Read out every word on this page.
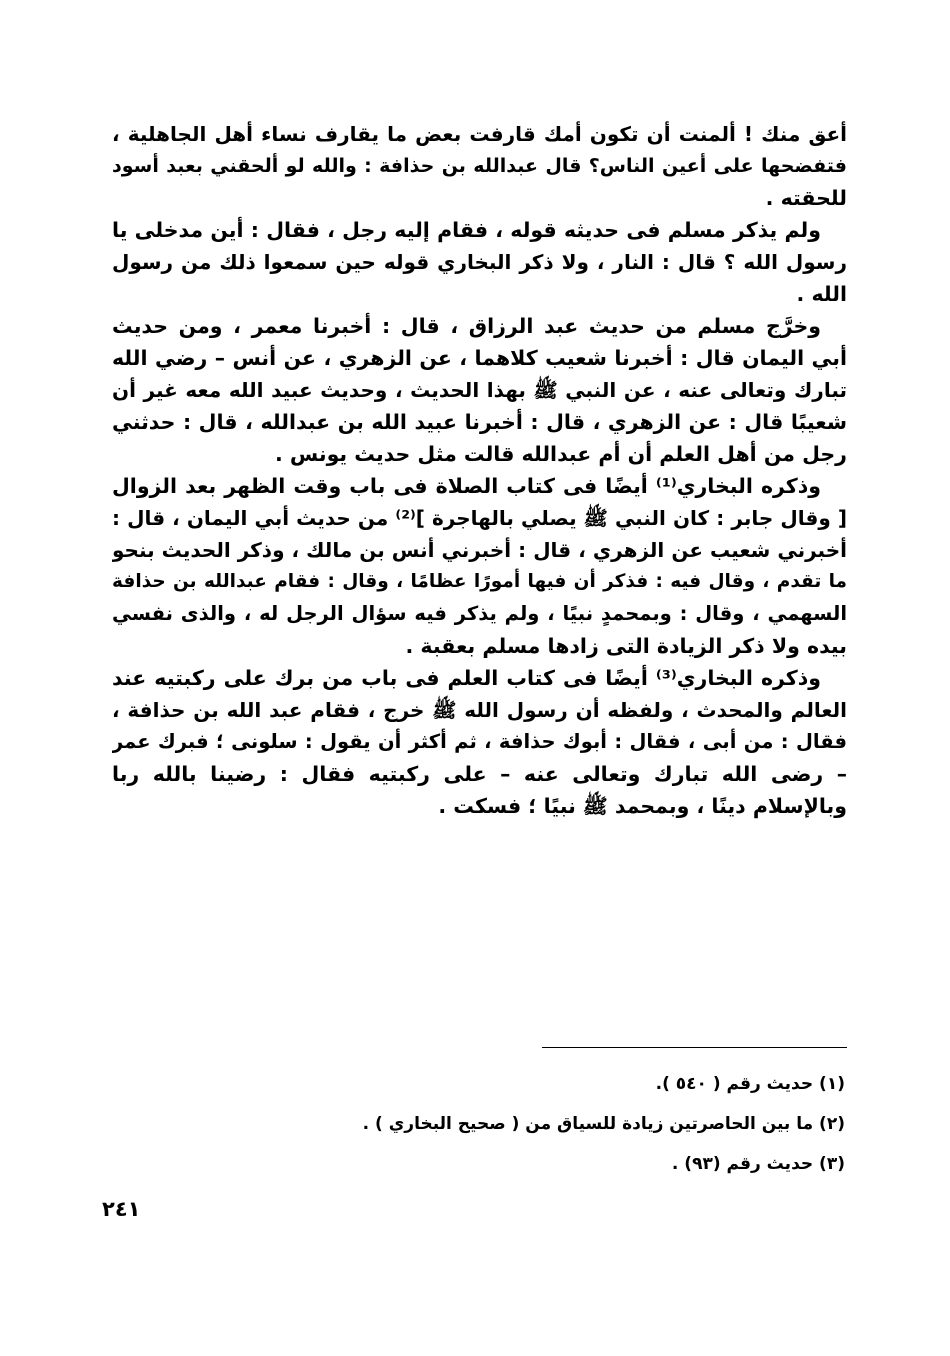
أعق منك ! ألمنت أن تكون أمك قارفت بعض ما يقارف نساء أهل الجاهلية ،
فتفضحها على أعين الناس؟ قال عبدالله بن حذافة : والله لو ألحقني بعبد أسود
للحقته .
ولم يذكر مسلم فى حديثه قوله ، فقام إليه رجل ، فقال : أين مدخلى يا
رسول الله ؟ قال : النار ، ولا ذكر البخاري قوله حين سمعوا ذلك من رسول
الله .
وخرَّج مسلم من حديث عبد الرزاق ، قال : أخبرنا معمر ، ومن حديث
أبي اليمان قال : أخبرنا شعيب كلاهما ، عن الزهري ، عن أنس – رضي الله
تبارك وتعالى عنه ، عن النبي ﷺ بهذا الحديث ، وحديث عبيد الله معه غير أن
شعيبًا قال : عن الزهري ، قال : أخبرنا عبيد الله بن عبدالله ، قال : حدثني
رجل من أهل العلم أن أم عبدالله قالت مثل حديث يونس .
وذكره البخاري⁽¹⁾ أيضًا فى كتاب الصلاة فى باب وقت الظهر بعد الزوال
[ وقال جابر : كان النبي ﷺ يصلي بالهاجرة ]⁽²⁾ من حديث أبي اليمان ، قال :
أخبرني شعيب عن الزهري ، قال : أخبرني أنس بن مالك ، وذكر الحديث بنحو
ما تقدم ، وقال فيه : فذكر أن فيها أمورًا عظامًا ، وقال : فقام عبدالله بن حذافة
السهمي ، وقال : وبمحمدٍ نبيًا ، ولم يذكر فيه سؤال الرجل له ، والذى نفسي
بيده ولا ذكر الزيادة التى زادها مسلم بعقبة .
وذكره البخاري⁽³⁾ أيضًا فى كتاب العلم فى باب من برك على ركبتيه عند
العالم والمحدث ، ولفظه أن رسول الله ﷺ خرج ، فقام عبد الله بن حذافة ،
فقال : من أبى ، فقال : أبوك حذافة ، ثم أكثر أن يقول : سلونى ؛ فبرك عمر
– رضى الله تبارك وتعالى عنه – على ركبتيه فقال : رضينا بالله ربا
وبالإسلام دينًا ، وبمحمد ﷺ نبيًا ؛ فسكت .
(١) حديث رقم ( ٥٤٠ ).
(٢) ما بين الحاصرتين زيادة للسياق من ( صحيح البخاري ) .
(٣) حديث رقم (٩٣) .
٢٤١
